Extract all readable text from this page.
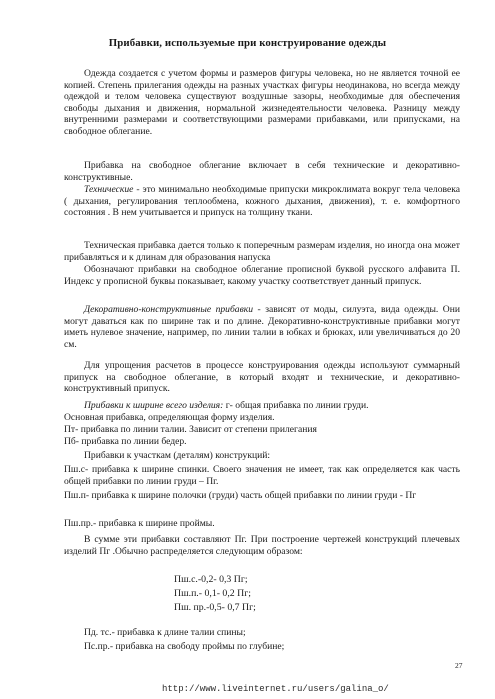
Прибавки, используемые при конструирование одежды
Одежда создается с учетом формы и размеров фигуры человека, но не является точной ее копией. Степень прилегания одежды на разных участках фигуры неодинакова, но всегда между одеждой и телом человека существуют воздушные зазоры, необходимые для обеспечения свободы дыхания и движения, нормальной жизнедеятельности человека. Разницу между внутренними размерами и соответствующими размерами прибавками, или припусками, на свободное облегание.
Прибавка на свободное облегание включает в себя технические и декоративно- конструктивные.
Технические - это минимально необходимые припуски микроклимата вокруг тела человека ( дыхания, регулирования теплообмена, кожного дыхания, движения), т. е. комфортного состояния . В нем учитывается и припуск на толщину ткани.
Техническая прибавка дается только к поперечным размерам изделия, но иногда она может прибавляться и к длинам для образования напуска
Обозначают прибавки на свободное облегание прописной буквой русского алфавита П. Индекс у прописной буквы показывает, какому участку соответствует данный припуск.
Декоративно-конструктивные прибавки - зависят от моды, силуэта, вида одежды. Они могут даваться как по ширине так и по длине. Декоративно-конструктивные прибавки могут иметь нулевое значение, например, по линии талии в юбках и брюках, или увеличиваться до 20 см.
Для упрощения расчетов в процессе конструирования одежды используют суммарный припуск на свободное облегание, в который входят и технические, и декоративно-конструктивный припуск.
Прибавки к ширине всего изделия: г- общая прибавка по линии груди.
Основная прибавка, определяющая форму изделия.
Пт- прибавка по линии талии. Зависит от степени прилегания
Пб- прибавка по линии бедер.
Прибавки к участкам (деталям) конструкций:
Пш.с- прибавка к ширине спинки. Своего значения не имеет, так как определяется как часть общей прибавки по линии груди – Пг.
Пш.п- прибавка к ширине полочки (груди) часть общей прибавки по линии груди - Пг
Пш.пр.- прибавка к ширине проймы.
В сумме эти прибавки составляют Пг. При построение чертежей конструкций плечевых изделий Пг .Обычно распределяется следующим образом:
Пш.с.-0,2- 0,3 Пг;
Пш.п.- 0,1- 0,2 Пг;
Пш. пр.-0,5- 0,7 Пг;
Пд. тс.- прибавка к длине талии спины;
Пс.пр.- прибавка на свободу проймы по глубине;
27
http://www.liveinternet.ru/users/galina_o/
